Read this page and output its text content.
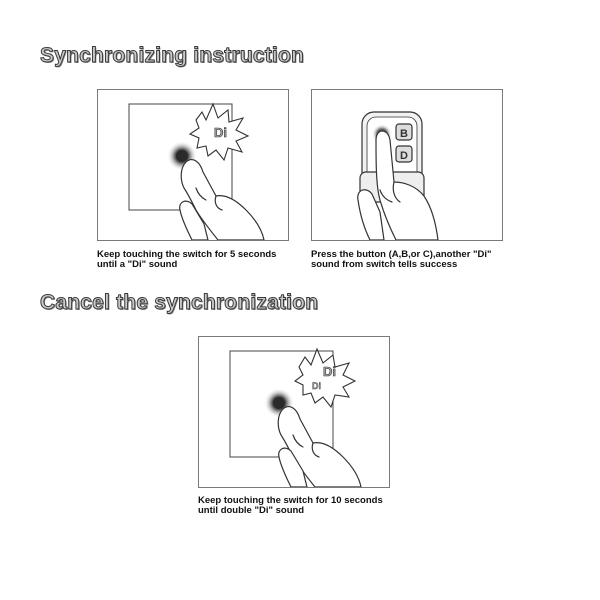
Synchronizing instruction
Di

Keep touching the switch for 5 seconds
until a "Di" sound

B
D

Press the button (A,B,or C),another "Di"
sound from switch tells success

Cancel the synchronization
Di
Di

Keep touching the switch for 10 seconds
until double "Di" sound
